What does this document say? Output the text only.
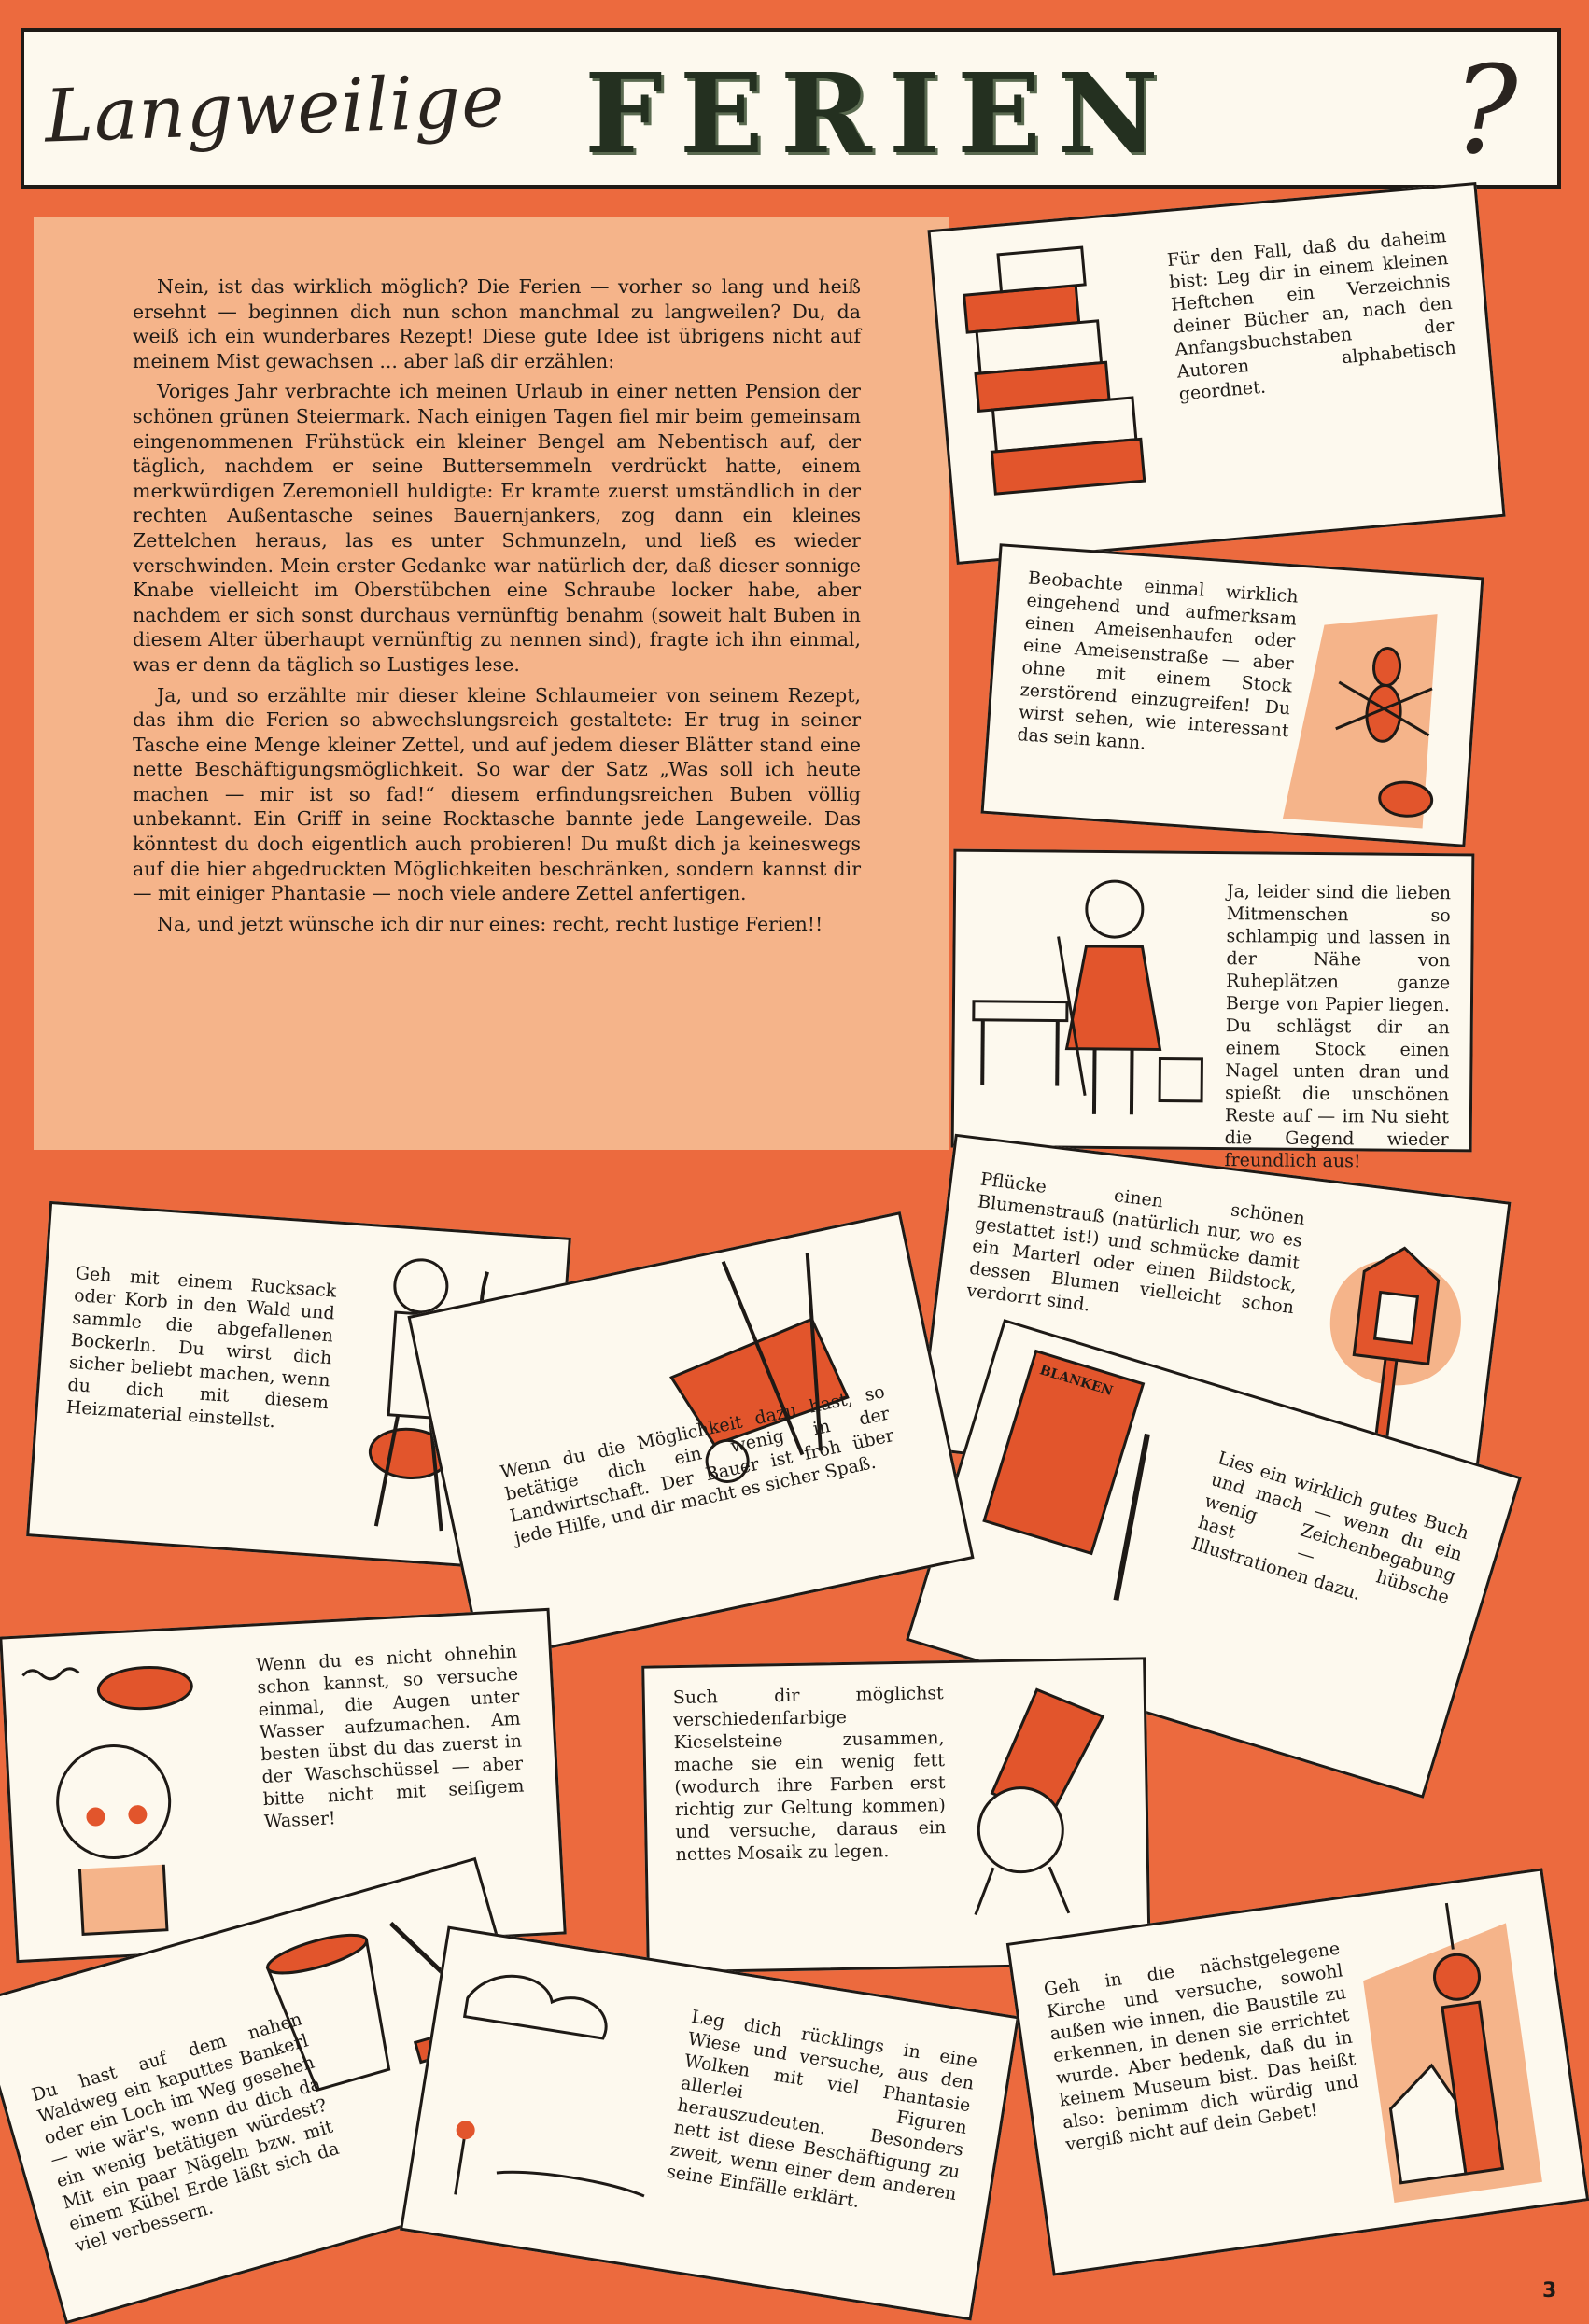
Langweilige FERIEN ?

Nein, ist das wirklich möglich? Die Ferien — vorher so lang und heiß ersehnt — beginnen dich nun schon manchmal zu langweilen? Du, da weiß ich ein wunderbares Rezept! Diese gute Idee ist übrigens nicht auf meinem Mist gewachsen ... aber laß dir erzählen:

Voriges Jahr verbrachte ich meinen Urlaub in einer netten Pension der schönen grünen Steiermark. Nach einigen Tagen fiel mir beim gemeinsam eingenommenen Frühstück ein kleiner Bengel am Nebentisch auf, der täglich, nachdem er seine Buttersemmeln verdrückt hatte, einem merkwürdigen Zeremoniell huldigte: Er kramte zuerst umständlich in der rechten Außentasche seines Bauernjankers, zog dann ein kleines Zettelchen heraus, las es unter Schmunzeln, und ließ es wieder verschwinden. Mein erster Gedanke war natürlich der, daß dieser sonnige Knabe vielleicht im Oberstübchen eine Schraube locker habe, aber nachdem er sich sonst durchaus vernünftig benahm (soweit halt Buben in diesem Alter überhaupt vernünftig zu nennen sind), fragte ich ihn einmal, was er denn da täglich so Lustiges lese.

Ja, und so erzählte mir dieser kleine Schlaumeier von seinem Rezept, das ihm die Ferien so abwechslungsreich gestaltete: Er trug in seiner Tasche eine Menge kleiner Zettel, und auf jedem dieser Blätter stand eine nette Beschäftigungsmöglichkeit. So war der Satz „Was soll ich heute machen — mir ist so fad!“ diesem erfindungsreichen Buben völlig unbekannt. Ein Griff in seine Rocktasche bannte jede Langeweile. Das könntest du doch eigentlich auch probieren! Du mußt dich ja keineswegs auf die hier abgedruckten Möglichkeiten beschränken, sondern kannst dir — mit einiger Phantasie — noch viele andere Zettel anfertigen.

Na, und jetzt wünsche ich dir nur eines: recht, recht lustige Ferien!!

Für den Fall, daß du daheim bist: Leg dir in einem kleinen Heftchen ein Verzeichnis deiner Bücher an, nach den Anfangsbuchstaben der Autoren alphabetisch geordnet.
Beobachte einmal wirklich eingehend und aufmerksam einen Ameisenhaufen oder eine Ameisenstraße — aber ohne mit einem Stock zerstörend einzugreifen! Du wirst sehen, wie interessant das sein kann.
Ja, leider sind die lieben Mitmenschen so schlampig und lassen in der Nähe von Ruheplätzen ganze Berge von Papier liegen. Du schlägst dir an einem Stock einen Nagel unten dran und spießt die unschönen Reste auf — im Nu sieht die Gegend wieder freundlich aus!
Pflücke einen schönen Blumenstrauß (natürlich nur, wo es gestattet ist!) und schmücke damit ein Marterl oder einen Bildstock, dessen Blumen vielleicht schon verdorrt sind.
BLANKEN
Lies ein wirklich gutes Buch und mach — wenn du ein wenig Zeichenbegabung hast — hübsche Illustrationen dazu.
Geh mit einem Rucksack oder Korb in den Wald und sammle die abgefallenen Bockerln. Du wirst dich sicher beliebt machen, wenn du dich mit diesem Heizmaterial einstellst.	Wenn du die Möglichkeit dazu hast, so betätige dich ein wenig in der Landwirtschaft. Der Bauer ist froh über jede Hilfe, und dir macht es sicher Spaß.
Wenn du es nicht ohnehin schon kannst, so versuche einmal, die Augen unter Wasser aufzumachen. Am besten übst du das zuerst in der Waschschüssel — aber bitte nicht mit seifigem Wasser!
Such dir möglichst verschiedenfarbige Kieselsteine zusammen, mache sie ein wenig fett (wodurch ihre Farben erst richtig zur Geltung kommen) und versuche, daraus ein nettes Mosaik zu legen.
Du hast auf dem nahen Waldweg ein kaputtes Bankerl oder ein Loch im Weg gesehen — wie wär's, wenn du dich da ein wenig betätigen würdest? Mit ein paar Nägeln bzw. mit einem Kübel Erde läßt sich da viel verbessern.
Leg dich rücklings in eine Wiese und versuche, aus den Wolken mit viel Phantasie allerlei Figuren herauszudeuten. Besonders nett ist diese Beschäftigung zu zweit, wenn einer dem anderen seine Einfälle erklärt.
Geh in die nächstgelegene Kirche und versuche, sowohl außen wie innen, die Baustile zu erkennen, in denen sie errichtet wurde. Aber bedenk, daß du in keinem Museum bist. Das heißt also: benimm dich würdig und vergiß nicht auf dein Gebet!
3
